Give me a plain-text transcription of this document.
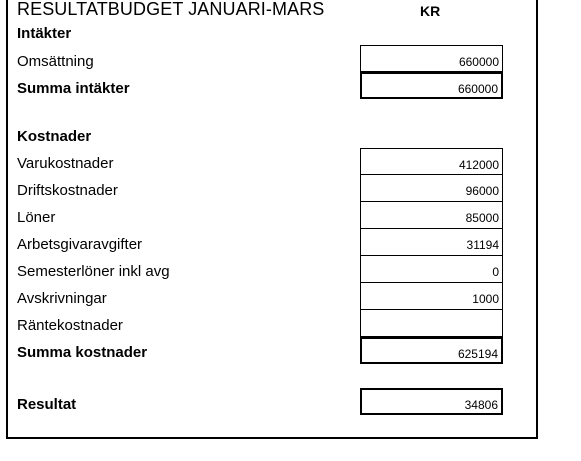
RESULTATBUDGET JANUARI-MARS	KR
Intäkter
Omsättning	660000
Summa intäkter	660000
Kostnader
Varukostnader	412000
Driftskostnader	96000
Löner	85000
Arbetsgivaravgifter	31194
Semesterlöner inkl avg	0
Avskrivningar	1000
Räntekostnader
Summa kostnader	625194
Resultat	34806
